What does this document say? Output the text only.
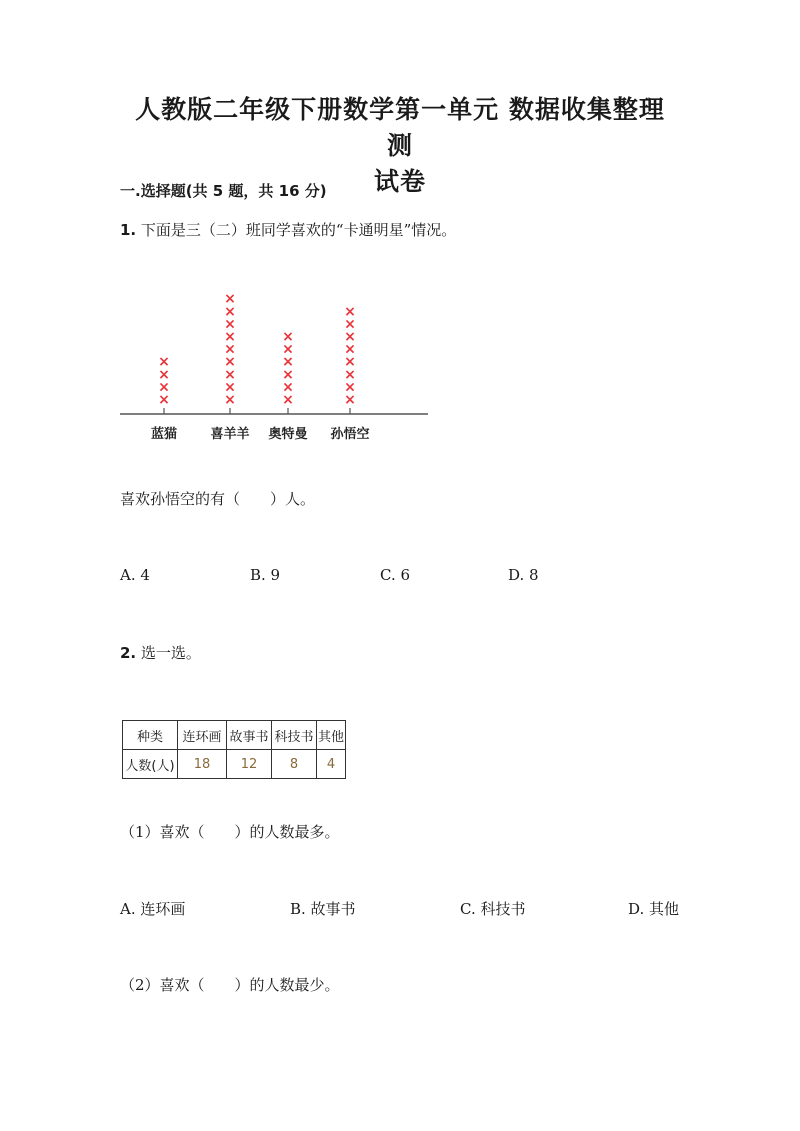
人教版二年级下册数学第一单元 数据收集整理 测
试卷
一.选择题(共 5 题，共 16 分)
1. 下面是三（二）班同学喜欢的“卡通明星”情况。
×
×
×
×
蓝猫
×
×
×
×
×
×
×
×
×
喜羊羊
×
×
×
×
×
×
奥特曼
×
×
×
×
×
×
×
×
孙悟空
喜欢孙悟空的有（　　）人。
A. 4	B. 9	C. 6	D. 8
2. 选一选。
种类	连环画	故事书	科技书	其他
人数(人)	18	12	8	4
（1）喜欢（　　）的人数最多。
A. 连环画	B. 故事书	C. 科技书	D. 其他
（2）喜欢（　　）的人数最少。
